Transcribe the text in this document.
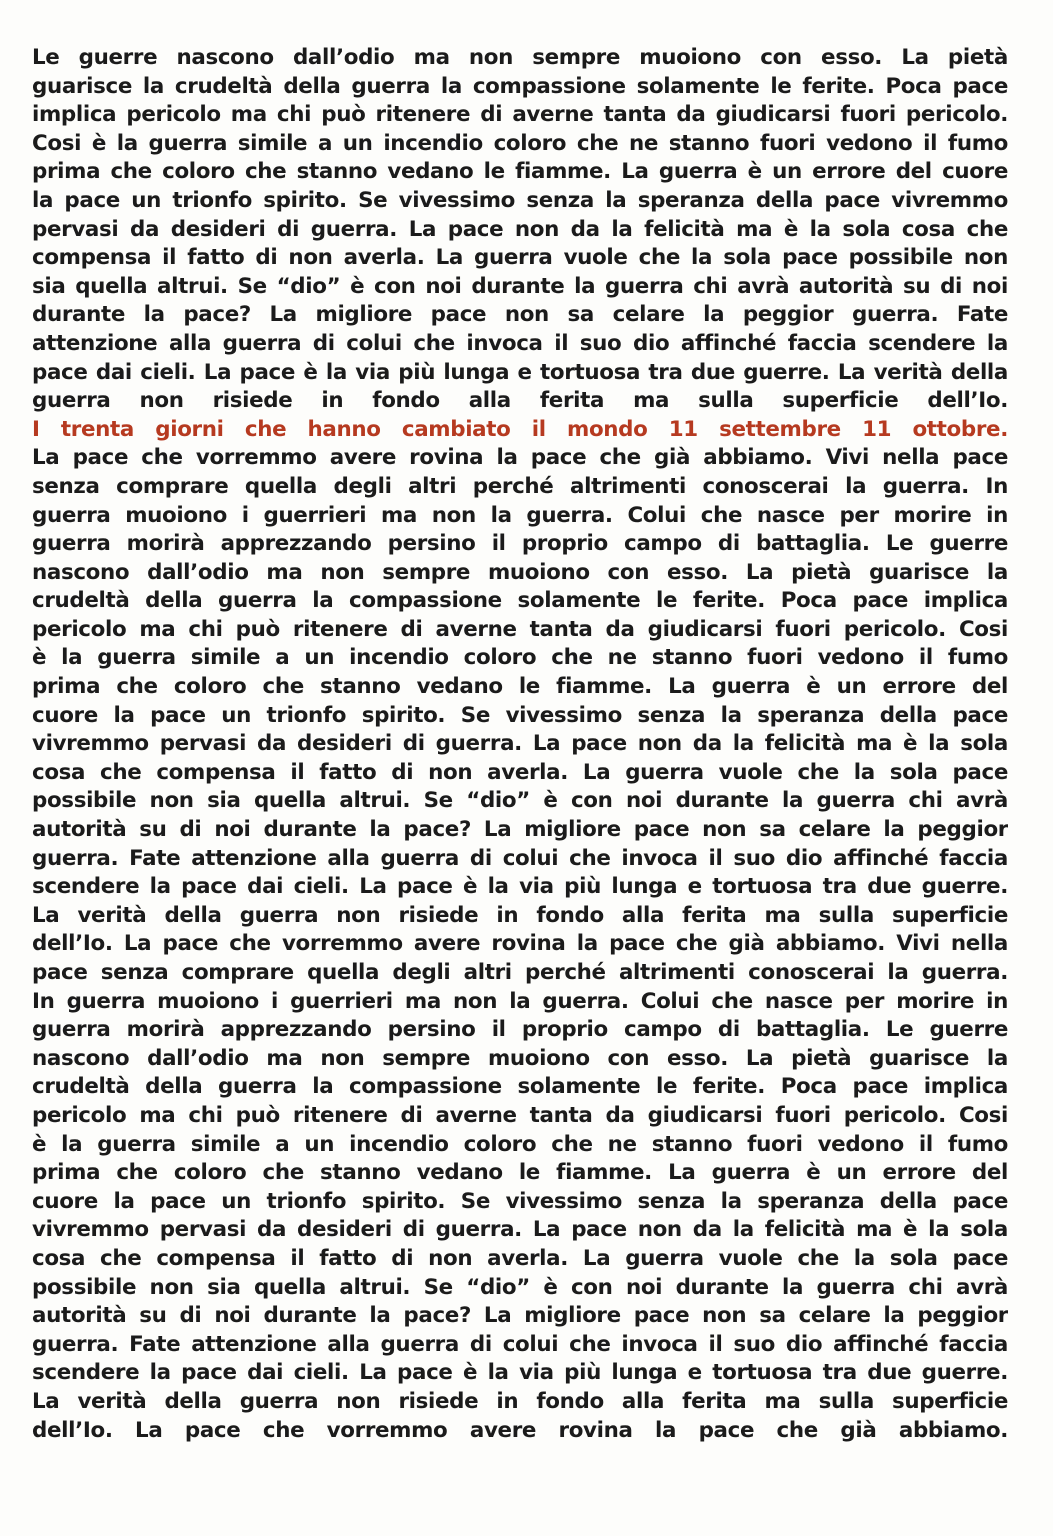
Le guerre nascono dall’odio ma non sempre muoiono con esso. La pietà
guarisce la crudeltà della guerra la compassione solamente le ferite. Poca pace
implica pericolo ma chi può ritenere di averne tanta da giudicarsi fuori pericolo.
Cosi è la guerra simile a un incendio coloro che ne stanno fuori vedono il fumo
prima che coloro che stanno vedano le fiamme. La guerra è un errore del cuore
la pace un trionfo spirito. Se vivessimo senza la speranza della pace vivremmo
pervasi da desideri di guerra. La pace non da la felicità ma è la sola cosa che
compensa il fatto di non averla. La guerra vuole che la sola pace possibile non
sia quella altrui. Se “dio” è con noi durante la guerra chi avrà autorità su di noi
durante la pace? La migliore pace non sa celare la peggior guerra. Fate
attenzione alla guerra di colui che invoca il suo dio affinché faccia scendere la
pace dai cieli. La pace è la via più lunga e tortuosa tra due guerre. La verità della
guerra non risiede in fondo alla ferita ma sulla superficie dell’Io.
I trenta giorni che hanno cambiato il mondo 11 settembre 11 ottobre.
La pace che vorremmo avere rovina la pace che già abbiamo. Vivi nella pace
senza comprare quella degli altri perché altrimenti conoscerai la guerra. In
guerra muoiono i guerrieri ma non la guerra. Colui che nasce per morire in
guerra morirà apprezzando persino il proprio campo di battaglia. Le guerre
nascono dall’odio ma non sempre muoiono con esso. La pietà guarisce la
crudeltà della guerra la compassione solamente le ferite. Poca pace implica
pericolo ma chi può ritenere di averne tanta da giudicarsi fuori pericolo. Cosi
è la guerra simile a un incendio coloro che ne stanno fuori vedono il fumo
prima che coloro che stanno vedano le fiamme. La guerra è un errore del
cuore la pace un trionfo spirito. Se vivessimo senza la speranza della pace
vivremmo pervasi da desideri di guerra. La pace non da la felicità ma è la sola
cosa che compensa il fatto di non averla. La guerra vuole che la sola pace
possibile non sia quella altrui. Se “dio” è con noi durante la guerra chi avrà
autorità su di noi durante la pace? La migliore pace non sa celare la peggior
guerra. Fate attenzione alla guerra di colui che invoca il suo dio affinché faccia
scendere la pace dai cieli. La pace è la via più lunga e tortuosa tra due guerre.
La verità della guerra non risiede in fondo alla ferita ma sulla superficie
dell’Io. La pace che vorremmo avere rovina la pace che già abbiamo. Vivi nella
pace senza comprare quella degli altri perché altrimenti conoscerai la guerra.
In guerra muoiono i guerrieri ma non la guerra. Colui che nasce per morire in
guerra morirà apprezzando persino il proprio campo di battaglia. Le guerre
nascono dall’odio ma non sempre muoiono con esso. La pietà guarisce la
crudeltà della guerra la compassione solamente le ferite. Poca pace implica
pericolo ma chi può ritenere di averne tanta da giudicarsi fuori pericolo. Cosi
è la guerra simile a un incendio coloro che ne stanno fuori vedono il fumo
prima che coloro che stanno vedano le fiamme. La guerra è un errore del
cuore la pace un trionfo spirito. Se vivessimo senza la speranza della pace
vivremmo pervasi da desideri di guerra. La pace non da la felicità ma è la sola
cosa che compensa il fatto di non averla. La guerra vuole che la sola pace
possibile non sia quella altrui. Se “dio” è con noi durante la guerra chi avrà
autorità su di noi durante la pace? La migliore pace non sa celare la peggior
guerra. Fate attenzione alla guerra di colui che invoca il suo dio affinché faccia
scendere la pace dai cieli. La pace è la via più lunga e tortuosa tra due guerre.
La verità della guerra non risiede in fondo alla ferita ma sulla superficie
dell’Io. La pace che vorremmo avere rovina la pace che già abbiamo.
